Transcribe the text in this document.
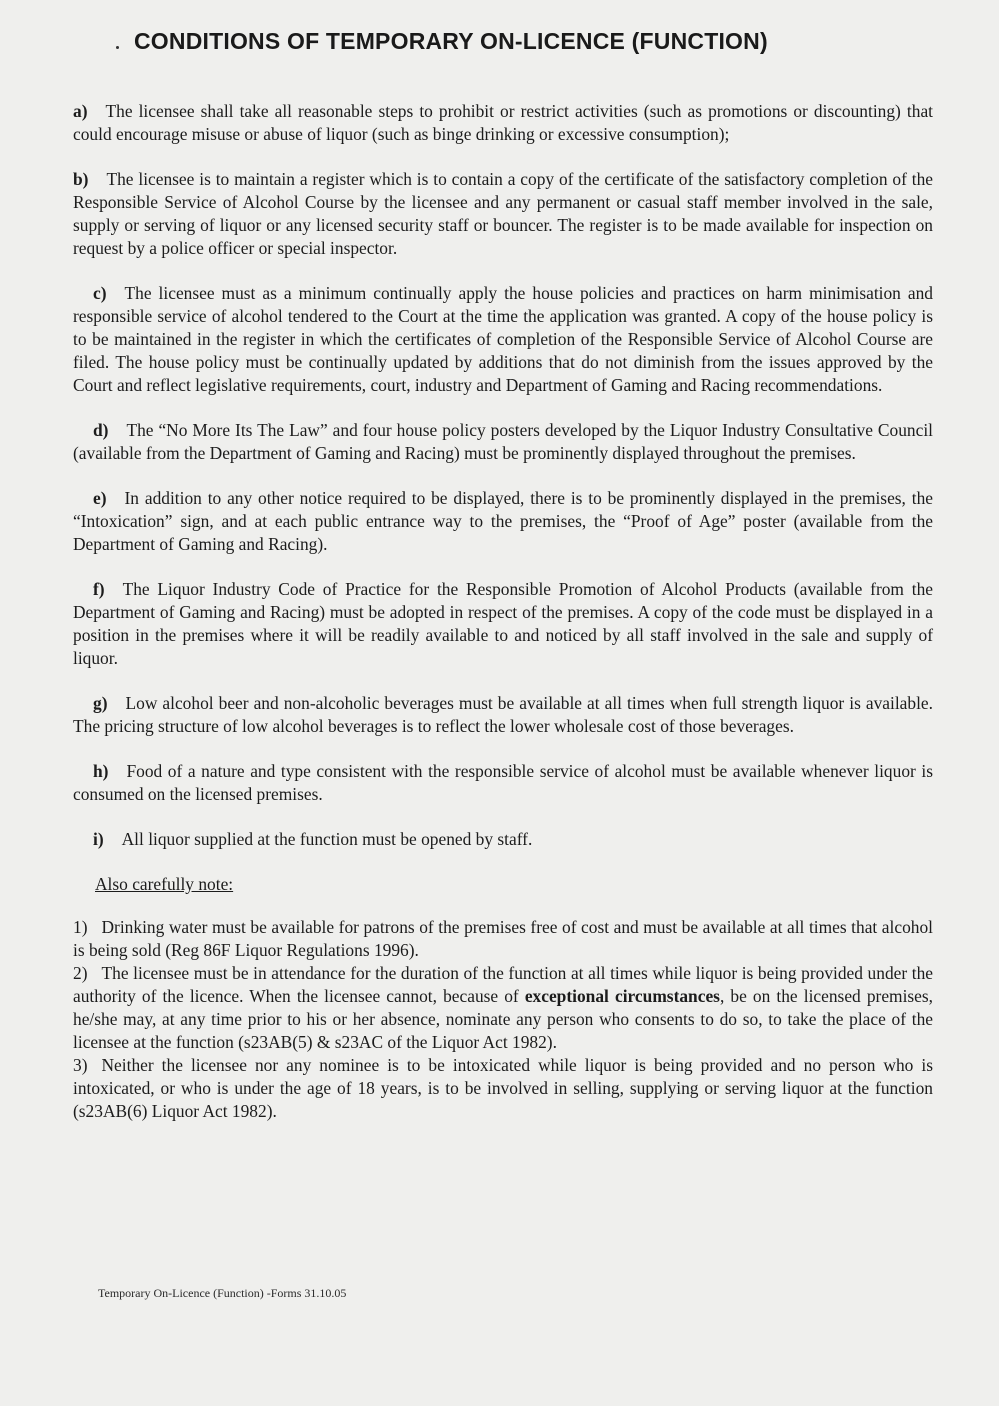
CONDITIONS OF TEMPORARY ON-LICENCE (FUNCTION)

a) The licensee shall take all reasonable steps to prohibit or restrict activities (such as promotions or discounting) that could encourage misuse or abuse of liquor (such as binge drinking or excessive consumption);

b) The licensee is to maintain a register which is to contain a copy of the certificate of the satisfactory completion of the Responsible Service of Alcohol Course by the licensee and any permanent or casual staff member involved in the sale, supply or serving of liquor or any licensed security staff or bouncer. The register is to be made available for inspection on request by a police officer or special inspector.

c) The licensee must as a minimum continually apply the house policies and practices on harm minimisation and responsible service of alcohol tendered to the Court at the time the application was granted. A copy of the house policy is to be maintained in the register in which the certificates of completion of the Responsible Service of Alcohol Course are filed. The house policy must be continually updated by additions that do not diminish from the issues approved by the Court and reflect legislative requirements, court, industry and Department of Gaming and Racing recommendations.

d) The “No More Its The Law” and four house policy posters developed by the Liquor Industry Consultative Council (available from the Department of Gaming and Racing) must be prominently displayed throughout the premises.

e) In addition to any other notice required to be displayed, there is to be prominently displayed in the premises, the “Intoxication” sign, and at each public entrance way to the premises, the “Proof of Age” poster (available from the Department of Gaming and Racing).

f) The Liquor Industry Code of Practice for the Responsible Promotion of Alcohol Products (available from the Department of Gaming and Racing) must be adopted in respect of the premises. A copy of the code must be displayed in a position in the premises where it will be readily available to and noticed by all staff involved in the sale and supply of liquor.

g) Low alcohol beer and non-alcoholic beverages must be available at all times when full strength liquor is available. The pricing structure of low alcohol beverages is to reflect the lower wholesale cost of those beverages.

h) Food of a nature and type consistent with the responsible service of alcohol must be available whenever liquor is consumed on the licensed premises.

i) All liquor supplied at the function must be opened by staff.

Also carefully note:

1) Drinking water must be available for patrons of the premises free of cost and must be available at all times that alcohol is being sold (Reg 86F Liquor Regulations 1996).

2) The licensee must be in attendance for the duration of the function at all times while liquor is being provided under the authority of the licence. When the licensee cannot, because of exceptional circumstances, be on the licensed premises, he/she may, at any time prior to his or her absence, nominate any person who consents to do so, to take the place of the licensee at the function (s23AB(5) & s23AC of the Liquor Act 1982).

3) Neither the licensee nor any nominee is to be intoxicated while liquor is being provided and no person who is intoxicated, or who is under the age of 18 years, is to be involved in selling, supplying or serving liquor at the function (s23AB(6) Liquor Act 1982).

Temporary On-Licence (Function) -Forms 31.10.05
